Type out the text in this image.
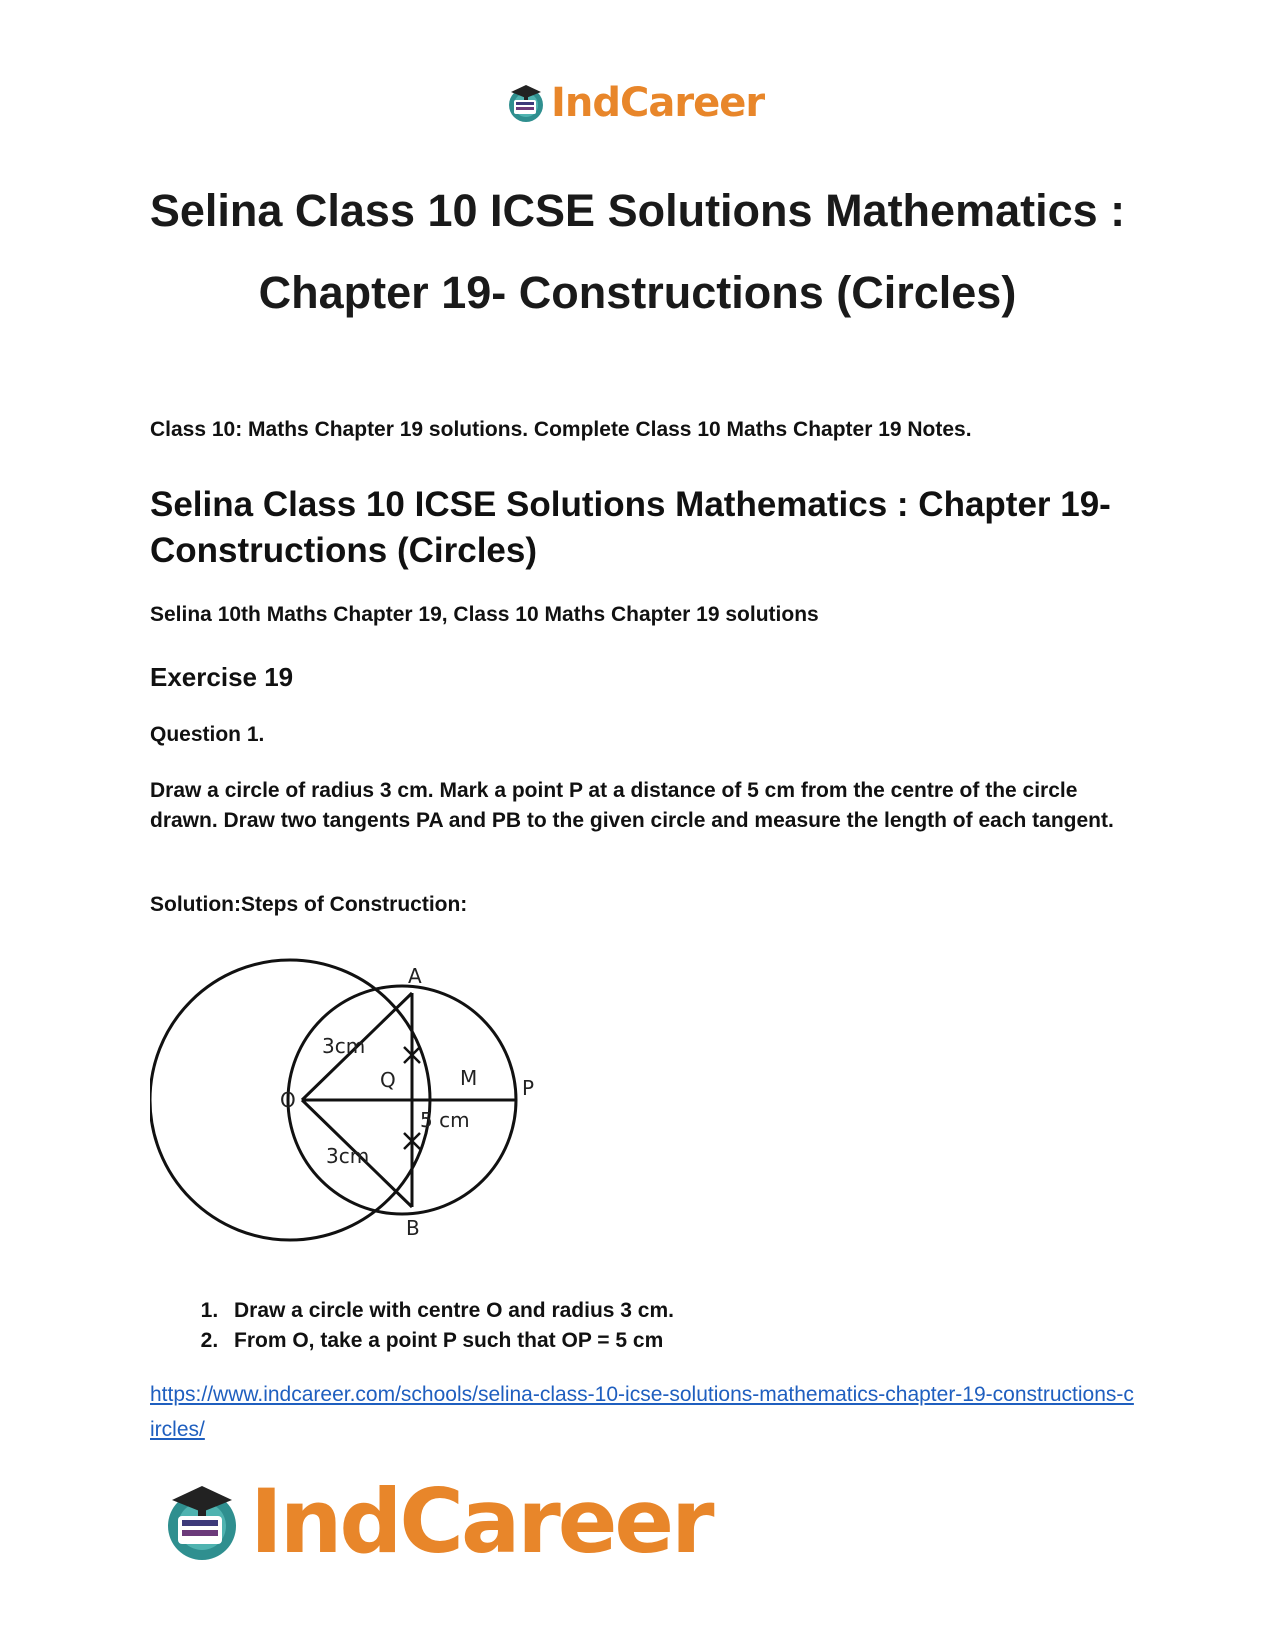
IndCareer
Selina Class 10 ICSE Solutions Mathematics : Chapter 19- Constructions (Circles)

Class 10: Maths Chapter 19 solutions. Complete Class 10 Maths Chapter 19 Notes.

Selina Class 10 ICSE Solutions Mathematics : Chapter 19- Constructions (Circles)

Selina 10th Maths Chapter 19, Class 10 Maths Chapter 19 solutions

Exercise 19

Question 1.

Draw a circle of radius 3 cm. Mark a point P at a distance of 5 cm from the centre of the circle drawn. Draw two tangents PA and PB to the given circle and measure the length of each tangent.

Solution:Steps of Construction:

A
B
O	P
Q	M
3cm
3cm
5 cm
1. Draw a circle with centre O and radius 3 cm.
2. From O, take a point P such that OP = 5 cm
https://www.indcareer.com/schools/selina-class-10-icse-solutions-mathematics-chapter-19-constructions-circles/
IndCareer
